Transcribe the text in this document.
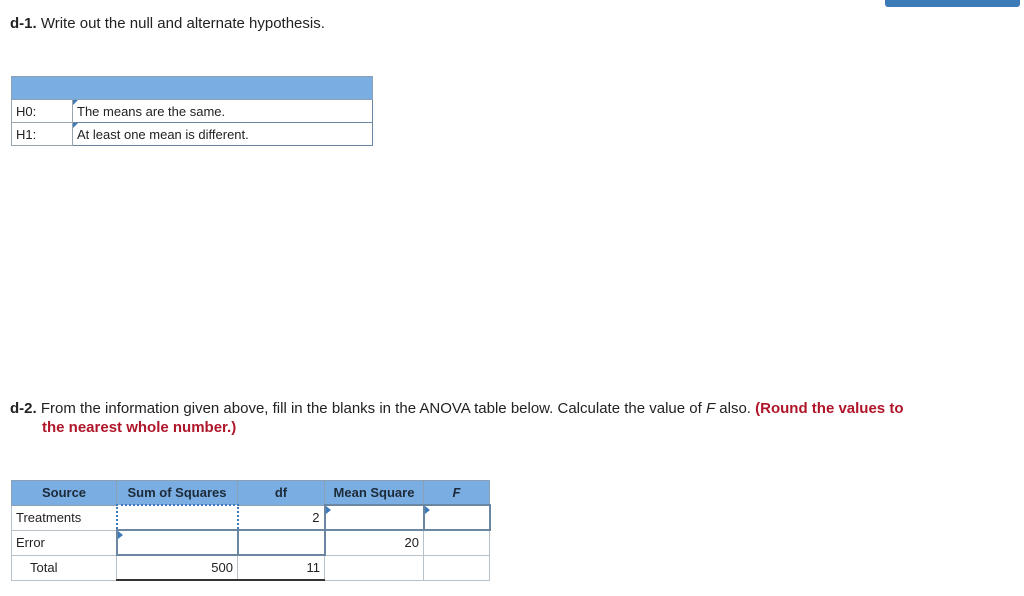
d-1. Write out the null and alternate hypothesis.

H0:	The means are the same.
H1:	At least one mean is different.
d-2. From the information given above, fill in the blanks in the ANOVA table below. Calculate the value of F also. (Round the values to
the nearest whole number.)
Source	Sum of Squares	df	Mean Square	F
Treatments		2	

Error			20	
Total	500	11		
